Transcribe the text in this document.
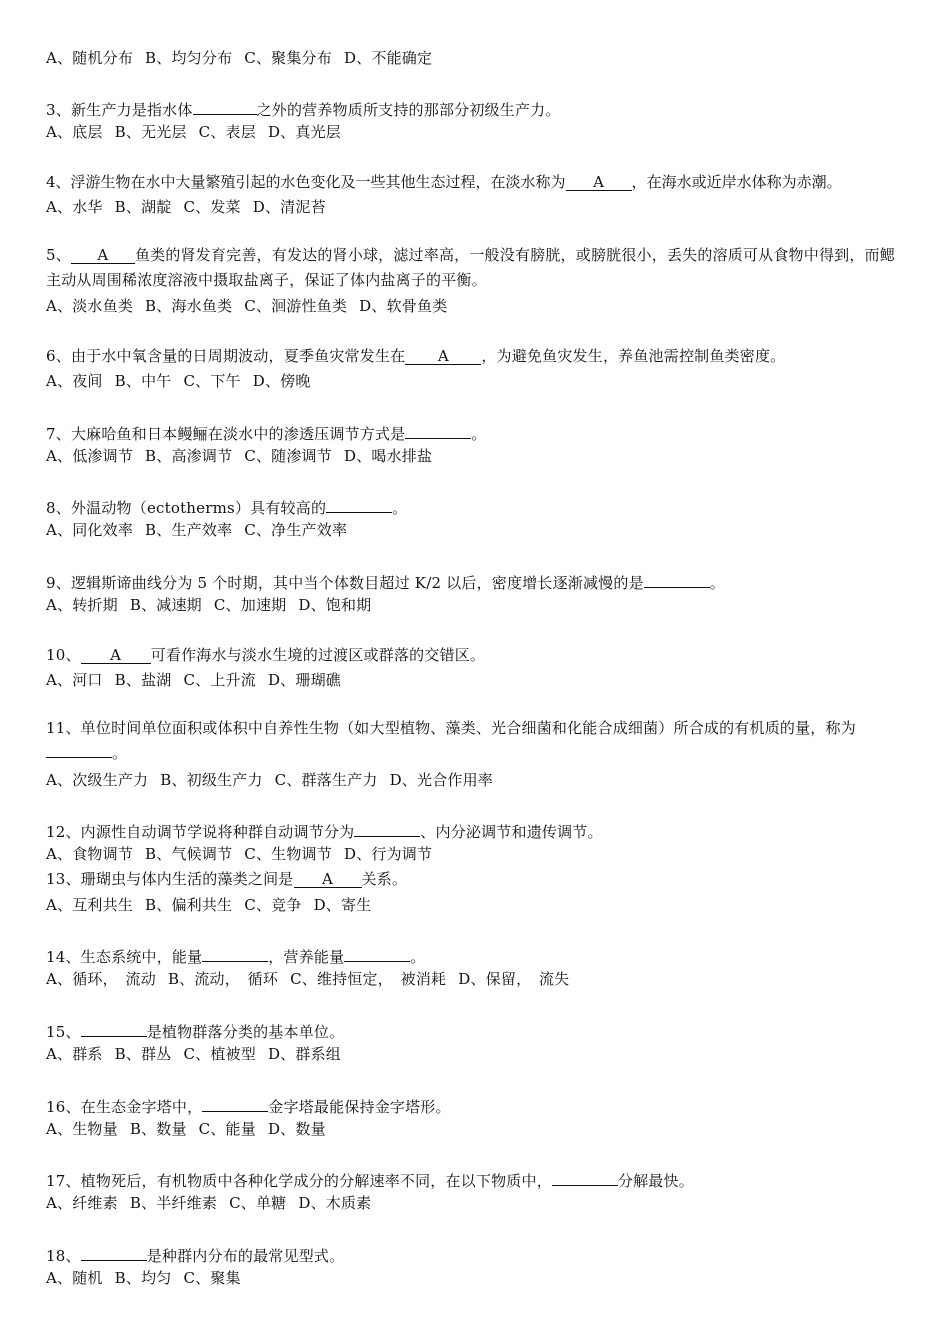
A、随机分布 B、均匀分布 C、聚集分布 D、不能确定
3、新生产力是指水体	之外的营养物质所支持的那部分初级生产力。
A、底层 B、无光层 C、表层 D、真光层
4、浮游生物在水中大量繁殖引起的水色变化及一些其他生态过程，在淡水称为 A ，在海水或近岸水体称为赤潮。
A、水华 B、湖靛 C、发菜 D、清泥苔
5、 A 鱼类的肾发育完善，有发达的肾小球，滤过率高，一般没有膀胱，或膀胱很小，丢失的溶质可从食物中得到，而鳃主动从周围稀浓度溶液中摄取盐离子，保证了体内盐离子的平衡。
A、淡水鱼类 B、海水鱼类 C、洄游性鱼类 D、软骨鱼类
6、由于水中氧含量的日周期波动，夏季鱼灾常发生在 A ，为避免鱼灾发生，养鱼池需控制鱼类密度。
A、夜间 B、中午 C、下午 D、傍晚
7、大麻哈鱼和日本鳗鲡在淡水中的渗透压调节方式是	。
A、低渗调节 B、高渗调节 C、随渗调节 D、喝水排盐
8、外温动物（ectotherms）具有较高的	。
A、同化效率 B、生产效率 C、净生产效率
9、逻辑斯谛曲线分为 5 个时期，其中当个体数目超过 K/2 以后，密度增长逐渐减慢的是	。
A、转折期 B、减速期 C、加速期 D、饱和期
10、 A 可看作海水与淡水生境的过渡区或群落的交错区。
A、河口 B、盐湖 C、上升流 D、珊瑚礁
11、单位时间单位面积或体积中自养性生物（如大型植物、藻类、光合细菌和化能合成细菌）所合成的有机质的量，称为。
A、次级生产力 B、初级生产力 C、群落生产力 D、光合作用率
12、内源性自动调节学说将种群自动调节分为	、内分泌调节和遗传调节。
A、食物调节 B、气候调节 C、生物调节 D、行为调节
13、珊瑚虫与体内生活的藻类之间是 A 关系。
A、互利共生 B、偏利共生 C、竞争 D、寄生
14、生态系统中，能量	，营养能量	。
A、循环，　流动 B、流动，　循环 C、维持恒定，　被消耗 D、保留，　流失
15、	是植物群落分类的基本单位。
A、群系 B、群丛 C、植被型 D、群系组
16、在生态金字塔中，	金字塔最能保持金字塔形。
A、生物量 B、数量 C、能量 D、数量
17、植物死后，有机物质中各种化学成分的分解速率不同，在以下物质中，	分解最快。
A、纤维素 B、半纤维素 C、单糖 D、木质素
18、	是种群内分布的最常见型式。
A、随机 B、均匀 C、聚集
